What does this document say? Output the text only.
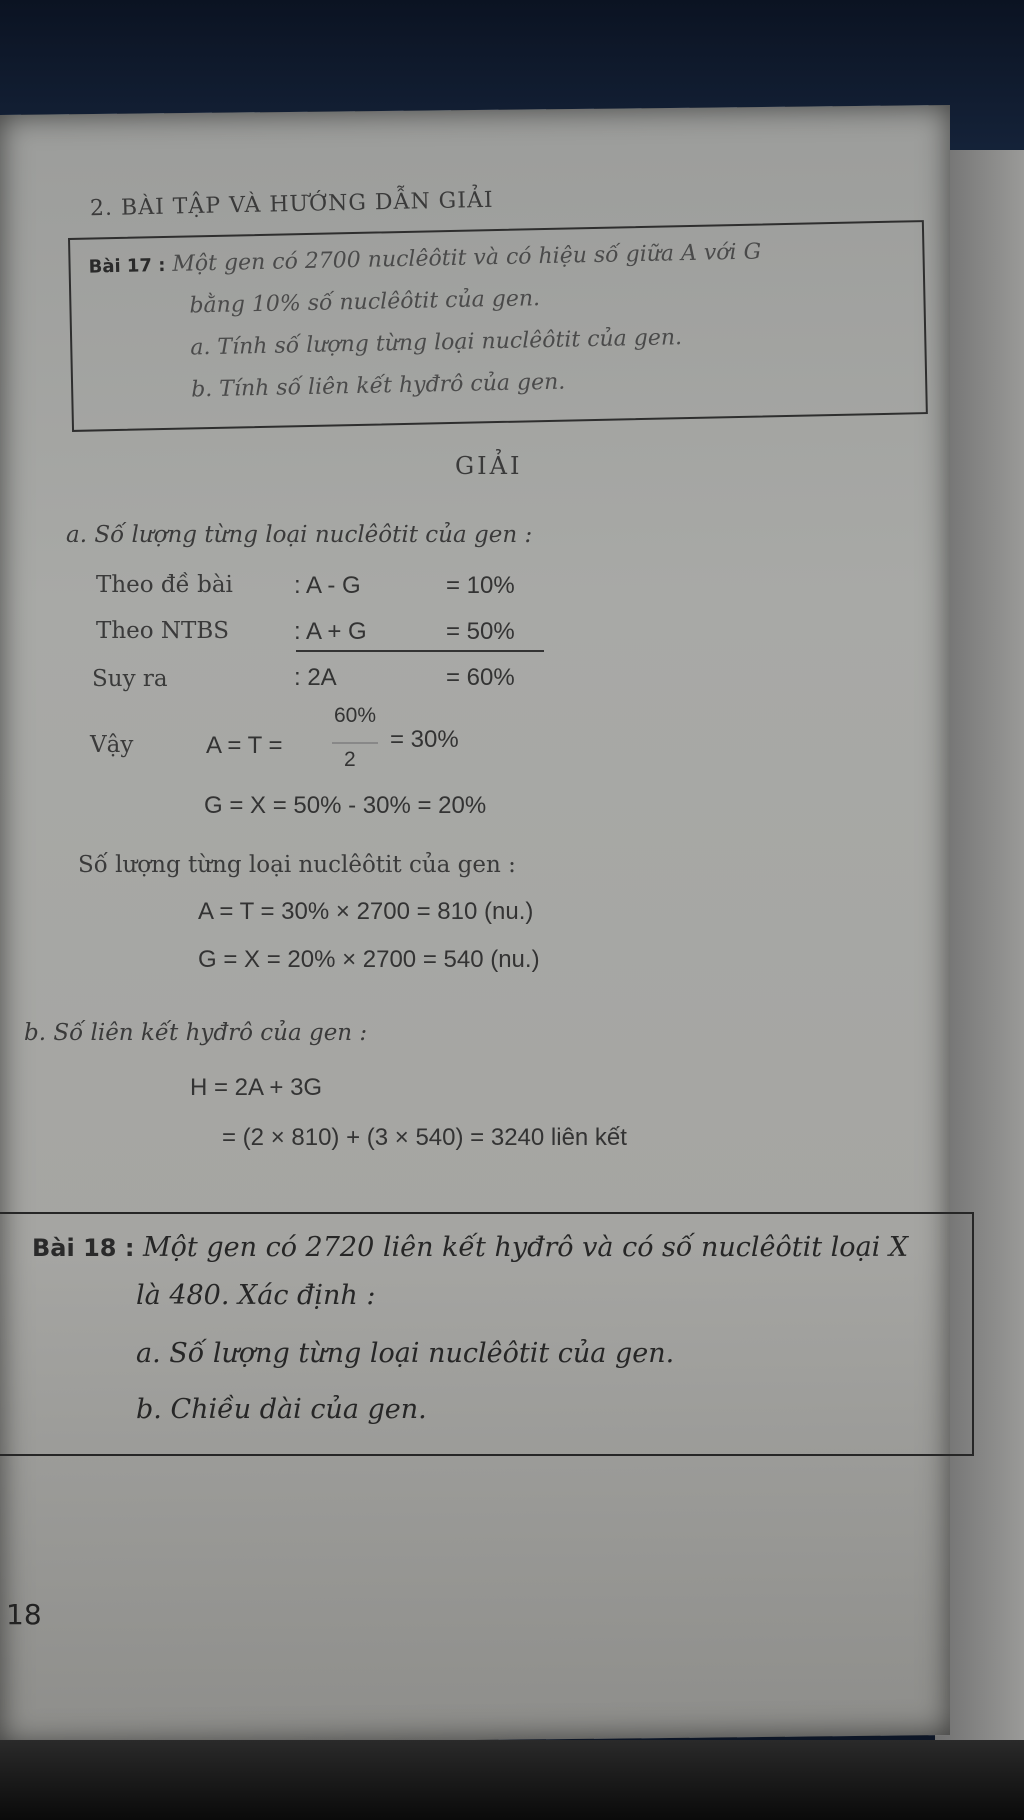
2. BÀI TẬP VÀ HƯỚNG DẪN GIẢI
Bài 17 : Một gen có 2700 nuclêôtit và có hiệu số giữa A với G
bằng 10% số nuclêôtit của gen.
a. Tính số lượng từng loại nuclêôtit của gen.
b. Tính số liên kết hyđrô của gen.
GIẢI
a. Số lượng từng loại nuclêôtit của gen :
Theo đề bài	: A - G	= 10%
Theo NTBS	: A + G	= 50%
Suy ra	: 2A	= 60%
Vậy	A = T =
60%
2
= 30%
G = X = 50% - 30% = 20%
Số lượng từng loại nuclêôtit của gen :
A = T = 30% × 2700 = 810 (nu.)
G = X = 20% × 2700 = 540 (nu.)
b. Số liên kết hyđrô của gen :
H = 2A + 3G
= (2 × 810) + (3 × 540) = 3240 liên kết
Bài 18 : Một gen có 2720 liên kết hyđrô và có số nuclêôtit loại X
là 480. Xác định :
a. Số lượng từng loại nuclêôtit của gen.
b. Chiều dài của gen.
18
